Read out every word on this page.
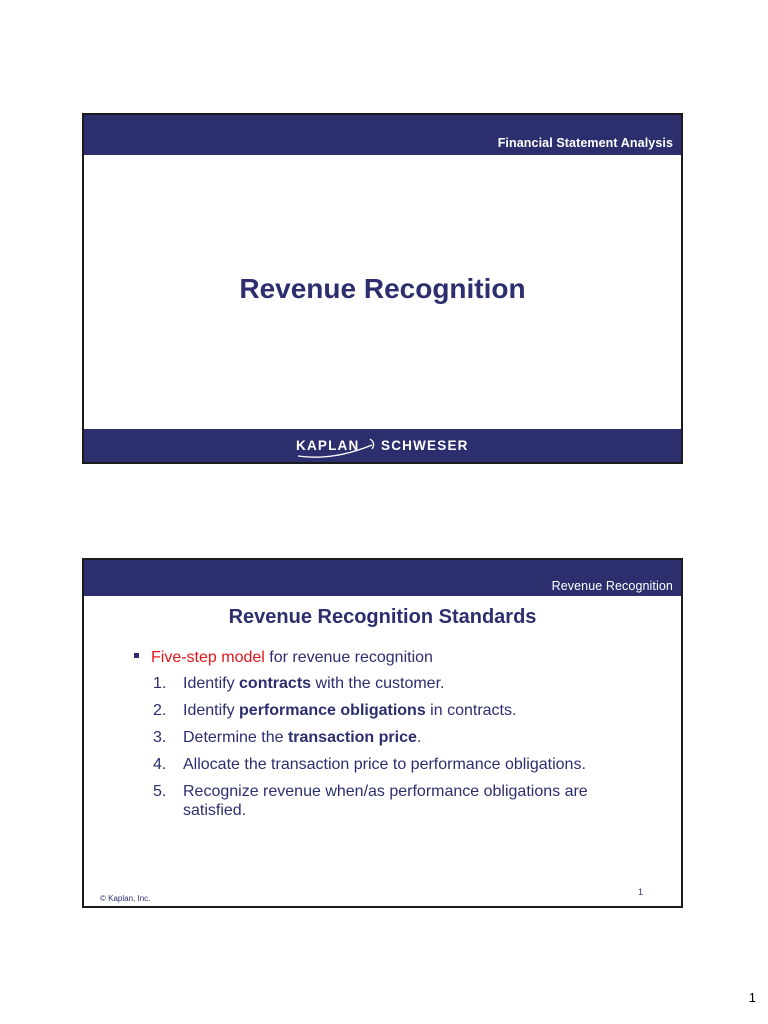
Financial Statement Analysis
Revenue Recognition
KAPLAN SCHWESER
Revenue Recognition
Revenue Recognition Standards
Five-step model for revenue recognition
1.	Identify contracts with the customer.
2.	Identify performance obligations in contracts.
3.	Determine the transaction price.
4.	Allocate the transaction price to performance obligations.
5.	Recognize revenue when/as performance obligations are satisfied.
© Kaplan, Inc.
1
1
